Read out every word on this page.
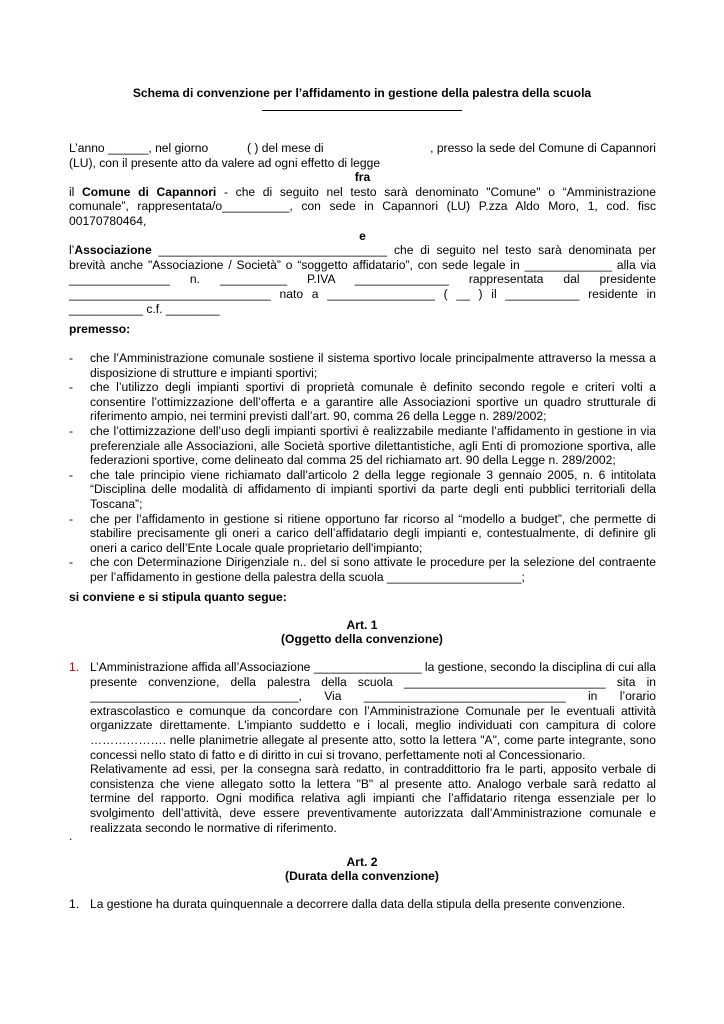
Schema di convenzione per l’affidamento in gestione della palestra della scuola

L’anno ______, nel giorno	( ) del mese di	, presso la sede del Comune di Capannori

(LU), con il presente atto da valere ad ogni effetto di legge

fra

il Comune di Capannori - che di seguito nel testo sarà denominato "Comune" o “Amministrazione comunale”, rappresentata/o__________, con sede in Capannori (LU) P.zza Aldo Moro, 1, cod. fisc 00170780464,

e

l’Associazione __________________________________ che di seguito nel testo sarà denominata per brevità anche "Associazione / Società” o “soggetto affidatario”, con sede legale in _____________ alla via _______________ n. __________ P.IVA ______________ rappresentata dal presidente ______________________________ nato a ________________ ( __ ) il ___________ residente in

___________ c.f. ________

premesso:
- che l’Amministrazione comunale sostiene il sistema sportivo locale principalmente attraverso la messa a disposizione di strutture e impianti sportivi;
- che l’utilizzo degli impianti sportivi di proprietà comunale è definito secondo regole e criteri volti a consentire l’ottimizzazione dell’offerta e a garantire alle Associazioni sportive un quadro strutturale di riferimento ampio, nei termini previsti dall’art. 90, comma 26 della Legge n. 289/2002;
- che l’ottimizzazione dell’uso degli impianti sportivi è realizzabile mediante l’affidamento in gestione in via preferenziale alle Associazioni, alle Società sportive dilettantistiche, agli Enti di promozione sportiva, alle federazioni sportive, come delineato dal comma 25 del richiamato art. 90 della Legge n. 289/2002;
- che tale principio viene richiamato dall’articolo 2 della legge regionale 3 gennaio 2005, n. 6 intitolata “Disciplina delle modalità di affidamento di impianti sportivi da parte degli enti pubblici territoriali della Toscana”;
- che per l’affidamento in gestione si ritiene opportuno far ricorso al “modello a budget”, che permette di stabilire precisamente gli oneri a carico dell’affidatario degli impianti e, contestualmente, di definire gli oneri a carico dell’Ente Locale quale proprietario dell'impianto;
- che con Determinazione Dirigenziale n.. del si sono attivate le procedure per la selezione del contraente per l’affidamento in gestione della palestra della scuola ____________________;
si conviene e si stipula quanto segue:
Art. 1
(Oggetto della convenzione)
1. L’Amministrazione affida all’Associazione ________________ la gestione, secondo la disciplina di cui alla presente convenzione, della palestra della scuola ______________________________ sita in _______________________________, Via ______________________________ in l’orario extrascolastico e comunque da concordare con l’Amministrazione Comunale per le eventuali attività organizzate direttamente. L'impianto suddetto e i locali, meglio individuati con campitura di colore ………………. nelle planimetrie allegate al presente atto, sotto la lettera "A", come parte integrante, sono concessi nello stato di fatto e di diritto in cui si trovano, perfettamente noti al Concessionario.

Relativamente ad essi, per la consegna sarà redatto, in contraddittorio fra le parti, apposito verbale di consistenza che viene allegato sotto la lettera "B" al presente atto. Analogo verbale sarà redatto al termine del rapporto. Ogni modifica relativa agli impianti che l’affidatario ritenga essenziale per lo svolgimento dell’attività, deve essere preventivamente autorizzata dall’Amministrazione comunale e realizzata secondo le normative di riferimento.

.
Art. 2
(Durata della convenzione)
1. La gestione ha durata quinquennale a decorrere dalla data della stipula della presente convenzione.
